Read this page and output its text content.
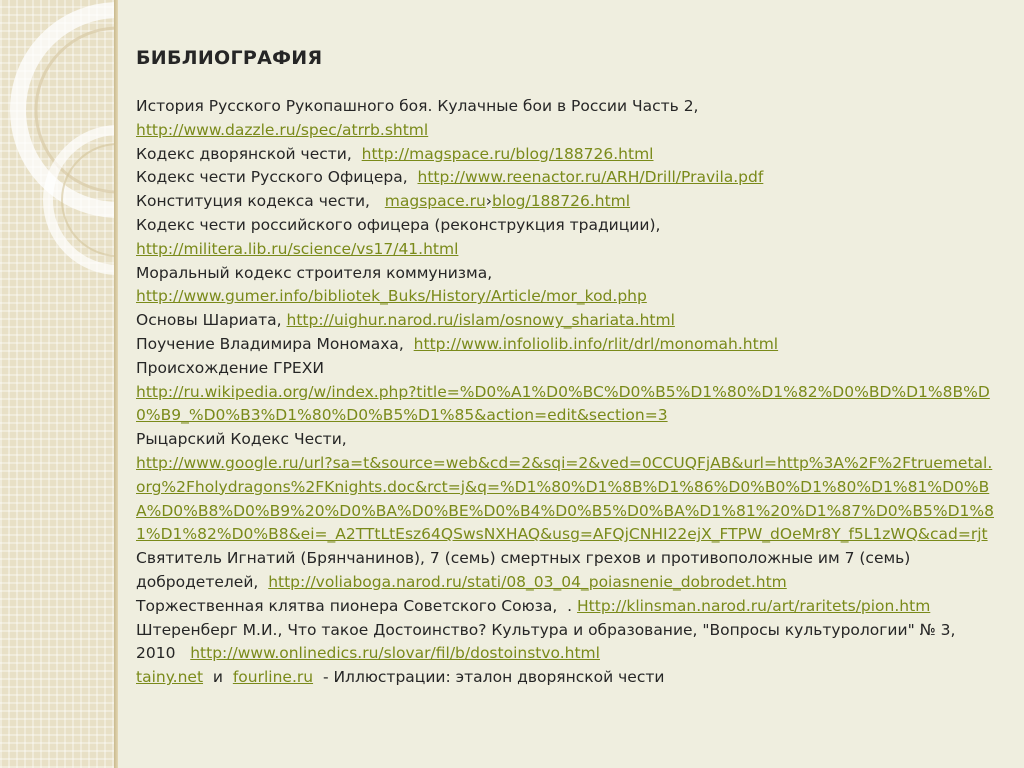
БИБЛИОГРАФИЯ

История Русского Рукопашного боя. Кулачные бои в России Часть 2,
http://www.dazzle.ru/spec/atrrb.shtml

Кодекс дворянской чести, http://magspace.ru/blog/188726.html

Кодекс чести Русского Офицера, http://www.reenactor.ru/ARH/Drill/Pravila.pdf

Конституция кодекса чести, magspace.ru›blog/188726.html

Кодекс чести российского офицера (реконструкция традиции),
http://militera.lib.ru/science/vs17/41.html

Моральный кодекс строителя коммунизма,
http://www.gumer.info/bibliotek_Buks/History/Article/mor_kod.php

Основы Шариата, http://uighur.narod.ru/islam/osnowy_shariata.html

Поучение Владимира Мономаха, http://www.infoliolib.info/rlit/drl/monomah.html

Происхождение ГРЕХИ
http://ru.wikipedia.org/w/index.php?title=%D0%A1%D0%BC%D0%B5%D1%80%D1%82%D0%BD%D1%8B%D0%B9_%D0%B3%D1%80%D0%B5%D1%85&action=edit&section=3

Рыцарский Кодекс Чести,
http://www.google.ru/url?sa=t&source=web&cd=2&sqi=2&ved=0CCUQFjAB&url=http%3A%2F%2Ftruemetal.org%2Fholydragons%2FKnights.doc&rct=j&q=%D1%80%D1%8B%D1%86%D0%B0%D1%80%D1%81%D0%BA%D0%B8%D0%B9%20%D0%BA%D0%BE%D0%B4%D0%B5%D0%BA%D1%81%20%D1%87%D0%B5%D1%81%D1%82%D0%B8&ei=_A2TTtLtEsz64QSwsNXHAQ&usg=AFQjCNHI22ejX_FTPW_dOeMr8Y_f5L1zWQ&cad=rjt

Святитель Игнатий (Брянчанинов), 7 (семь) смертных грехов и противоположные им 7 (семь) добродетелей, http://voliaboga.narod.ru/stati/08_03_04_poiasnenie_dobrodet.htm

Торжественная клятва пионера Советского Союза, . Http://klinsman.narod.ru/art/raritets/pion.htm

Штеренберг М.И., Что такое Достоинство? Культура и образование, "Вопросы культурологии" № 3, 2010 http://www.onlinedics.ru/slovar/fil/b/dostoinstvo.html

tainy.net и fourline.ru - Иллюстрации: эталон дворянской чести
